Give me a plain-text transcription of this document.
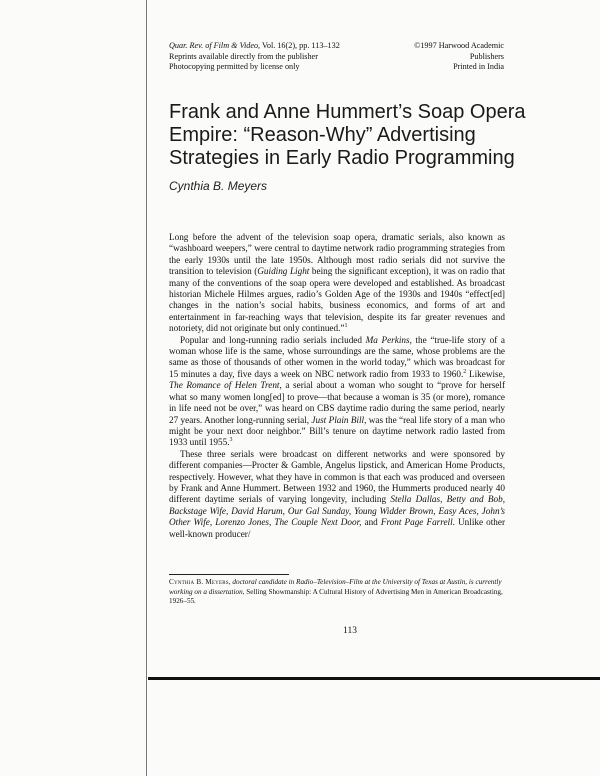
Quar. Rev. of Film & Video, Vol. 16(2), pp. 113–132
Reprints available directly from the publisher
Photocopying permitted by license only
©1997 Harwood Academic Publishers
Printed in India
Frank and Anne Hummert’s Soap Opera
Empire: “Reason-Why” Advertising
Strategies in Early Radio Programming
Cynthia B. Meyers

Long before the advent of the television soap opera, dramatic serials, also known as “washboard weepers,” were central to daytime network radio programming strategies from the early 1930s until the late 1950s. Although most radio serials did not survive the transition to television (Guiding Light being the significant exception), it was on radio that many of the conventions of the soap opera were developed and established. As broadcast historian Michele Hilmes argues, radio’s Golden Age of the 1930s and 1940s “effect[ed] changes in the nation’s social habits, business economics, and forms of art and entertainment in far-reaching ways that television, despite its far greater revenues and notoriety, did not originate but only continued.”$^1$

Popular and long-running radio serials included Ma Perkins, the “true-life story of a woman whose life is the same, whose surroundings are the same, whose problems are the same as those of thousands of other women in the world today,” which was broadcast for 15 minutes a day, five days a week on NBC network radio from 1933 to 1960.$^2$ Likewise, The Romance of Helen Trent, a serial about a woman who sought to “prove for herself what so many women long[ed] to prove—that because a woman is 35 (or more), romance in life need not be over,” was heard on CBS daytime radio during the same period, nearly 27 years. Another long-running serial, Just Plain Bill, was the “real life story of a man who might be your next door neighbor.” Bill’s tenure on daytime network radio lasted from 1933 until 1955.$^3$

These three serials were broadcast on different networks and were sponsored by different companies—Procter & Gamble, Angelus lipstick, and American Home Products, respectively. However, what they have in common is that each was produced and overseen by Frank and Anne Hummert. Between 1932 and 1960, the Hummerts produced nearly 40 different daytime serials of varying longevity, including Stella Dallas, Betty and Bob, Backstage Wife, David Harum, Our Gal Sunday, Young Widder Brown, Easy Aces, John’s Other Wife, Lorenzo Jones, The Couple Next Door, and Front Page Farrell. Unlike other well-known producer/

Cynthia B. Meyers, doctoral candidate in Radio–Television–Film at the University of Texas at Austin, is currently working on a dissertation, Selling Showmanship: A Cultural History of Advertising Men in American Broadcasting, 1926–55.
113
